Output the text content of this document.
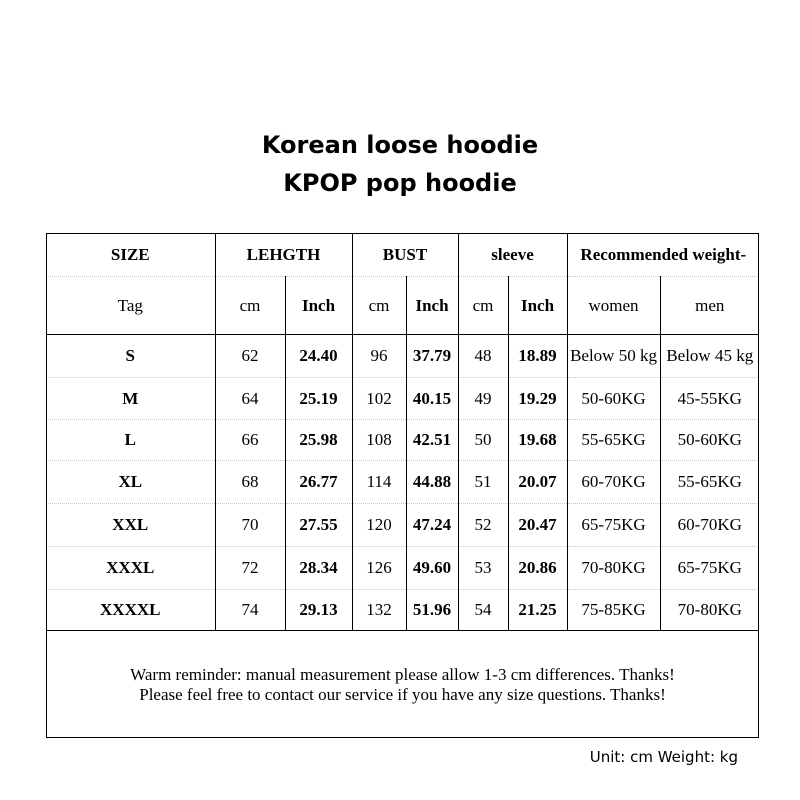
Korean loose hoodie
KPOP pop hoodie
SIZE	LEHGTH		BUST		sleeve		Recommended weight-	
Tag	cm	Inch	cm	Inch	cm	Inch	women	men
S	62	24.40	96	37.79	48	18.89	Below 50 kg	Below 45 kg
M	64	25.19	102	40.15	49	19.29	50-60KG	45-55KG
L	66	25.98	108	42.51	50	19.68	55-65KG	50-60KG
XL	68	26.77	114	44.88	51	20.07	60-70KG	55-65KG
XXL	70	27.55	120	47.24	52	20.47	65-75KG	60-70KG
XXXL	72	28.34	126	49.60	53	20.86	70-80KG	65-75KG
XXXXL	74	29.13	132	51.96	54	21.25	75-85KG	70-80KG
Warm reminder: manual measurement please allow 1-3 cm differences. Thanks!
Please feel free to contact our service if you have any size questions. Thanks!
Unit: cm Weight: kg
